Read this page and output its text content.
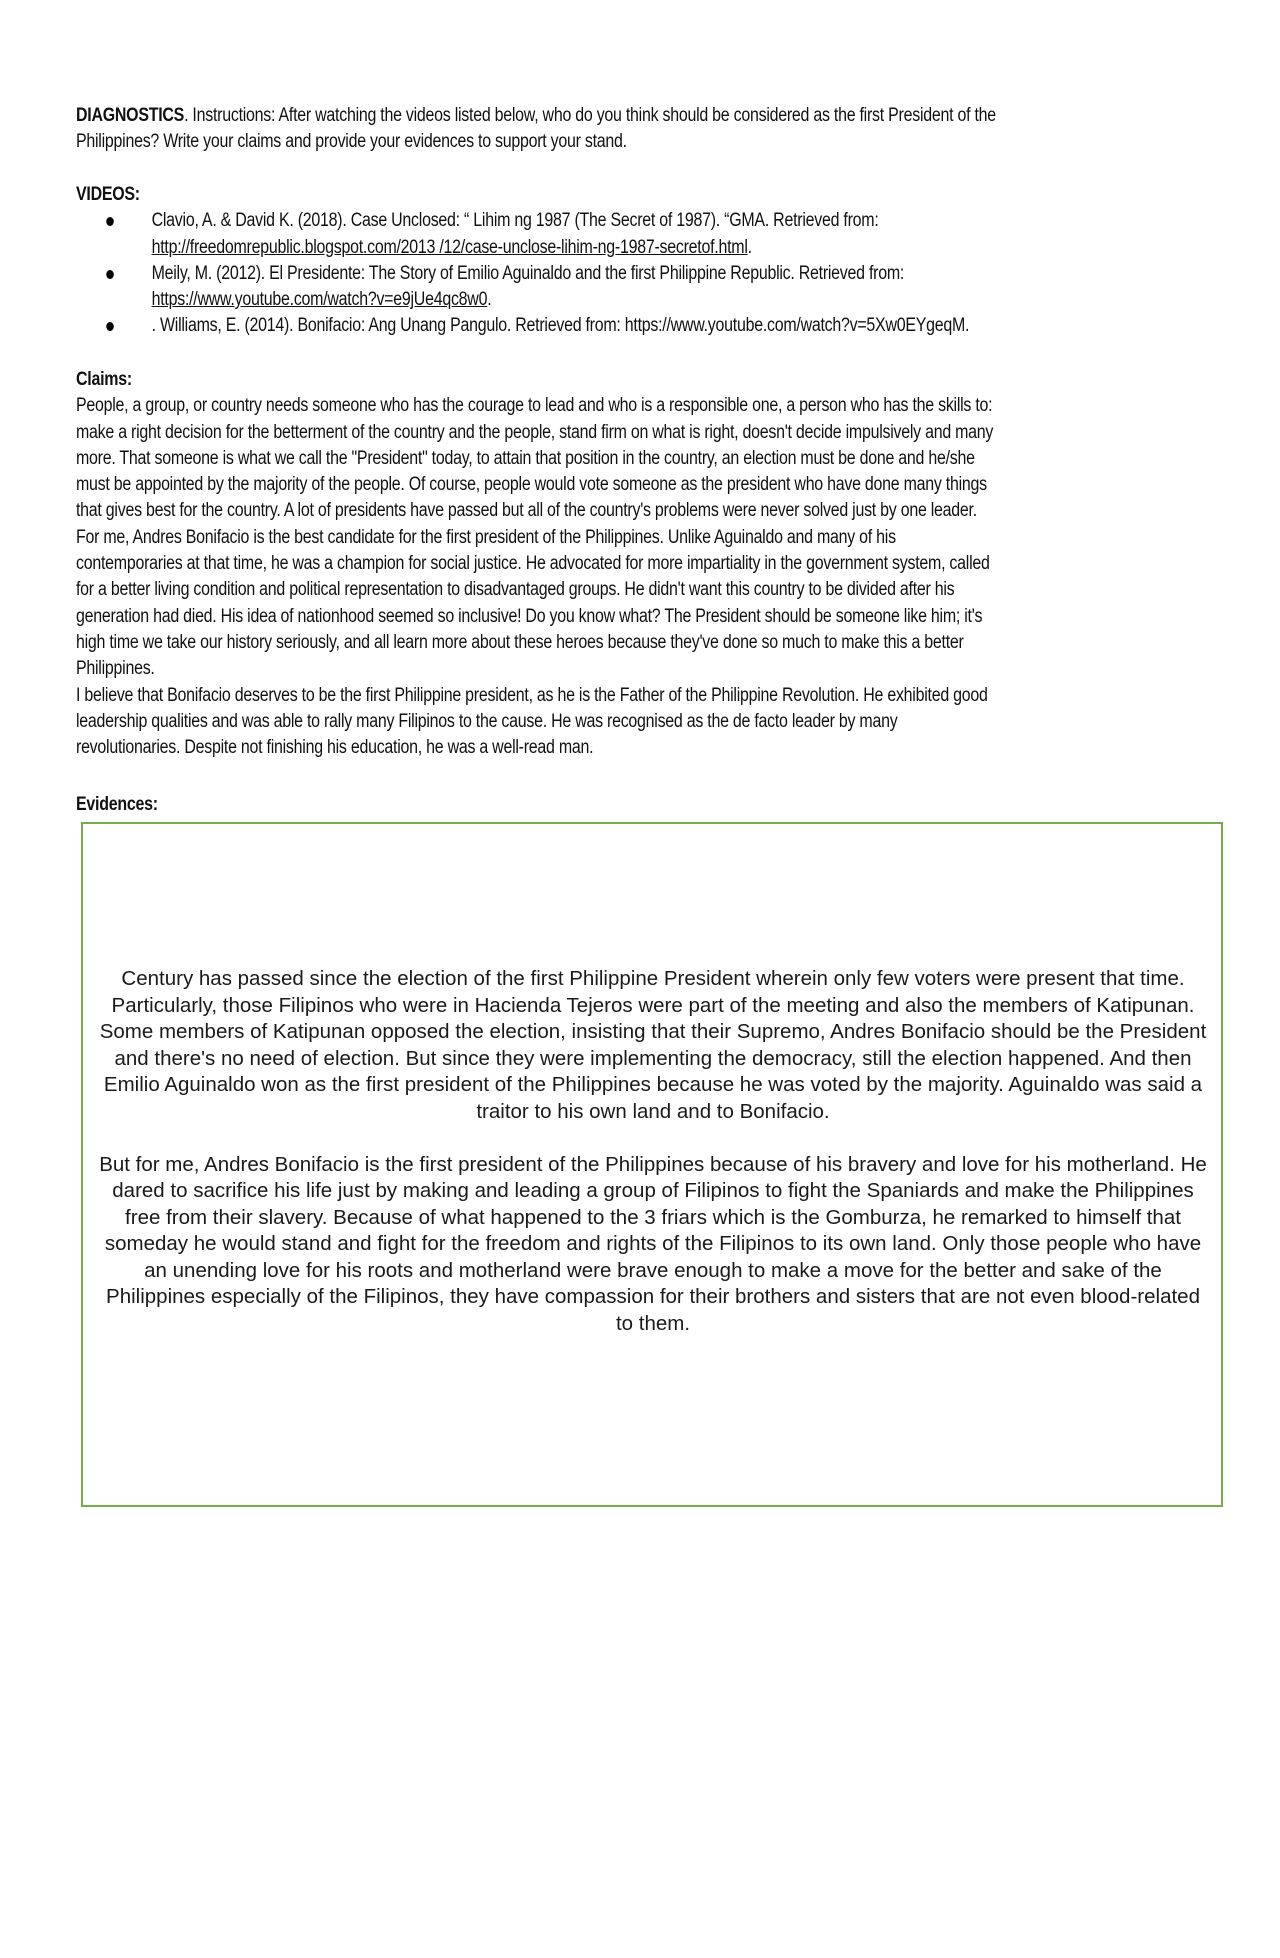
DIAGNOSTICS. Instructions: After watching the videos listed below, who do you think should be considered as the first President of the
Philippines? Write your claims and provide your evidences to support your stand.
VIDEOS:
Clavio, A. & David K. (2018). Case Unclosed: “ Lihim ng 1987 (The Secret of 1987). “GMA. Retrieved from:
http://freedomrepublic.blogspot.com/2013 /12/case-unclose-lihim-ng-1987-secretof.html.
Meily, M. (2012). El Presidente: The Story of Emilio Aguinaldo and the first Philippine Republic. Retrieved from:
https://www.youtube.com/watch?v=e9jUe4qc8w0.
. Williams, E. (2014). Bonifacio: Ang Unang Pangulo. Retrieved from: https://www.youtube.com/watch?v=5Xw0EYgeqM.
Claims:
People, a group, or country needs someone who has the courage to lead and who is a responsible one, a person who has the skills to:
make a right decision for the betterment of the country and the people, stand firm on what is right, doesn't decide impulsively and many
more. That someone is what we call the "President" today, to attain that position in the country, an election must be done and he/she
must be appointed by the majority of the people. Of course, people would vote someone as the president who have done many things
that gives best for the country. A lot of presidents have passed but all of the country's problems were never solved just by one leader.
For me, Andres Bonifacio is the best candidate for the first president of the Philippines. Unlike Aguinaldo and many of his
contemporaries at that time, he was a champion for social justice. He advocated for more impartiality in the government system, called
for a better living condition and political representation to disadvantaged groups. He didn't want this country to be divided after his
generation had died. His idea of nationhood seemed so inclusive! Do you know what? The President should be someone like him; it's
high time we take our history seriously, and all learn more about these heroes because they've done so much to make this a better
Philippines.
I believe that Bonifacio deserves to be the first Philippine president, as he is the Father of the Philippine Revolution. He exhibited good
leadership qualities and was able to rally many Filipinos to the cause. He was recognised as the de facto leader by many
revolutionaries. Despite not finishing his education, he was a well-read man.
Evidences:

Century has passed since the election of the first Philippine President wherein only few voters were present that time. Particularly, those Filipinos who were in Hacienda Tejeros were part of the meeting and also the members of Katipunan. Some members of Katipunan opposed the election, insisting that their Supremo, Andres Bonifacio should be the President and there's no need of election. But since they were implementing the democracy, still the election happened. And then Emilio Aguinaldo won as the first president of the Philippines because he was voted by the majority. Aguinaldo was said a traitor to his own land and to Bonifacio.

But for me, Andres Bonifacio is the first president of the Philippines because of his bravery and love for his motherland. He dared to sacrifice his life just by making and leading a group of Filipinos to fight the Spaniards and make the Philippines free from their slavery. Because of what happened to the 3 friars which is the Gomburza, he remarked to himself that someday he would stand and fight for the freedom and rights of the Filipinos to its own land. Only those people who have an unending love for his roots and motherland were brave enough to make a move for the better and sake of the Philippines especially of the Filipinos, they have compassion for their brothers and sisters that are not even blood-related to them.
